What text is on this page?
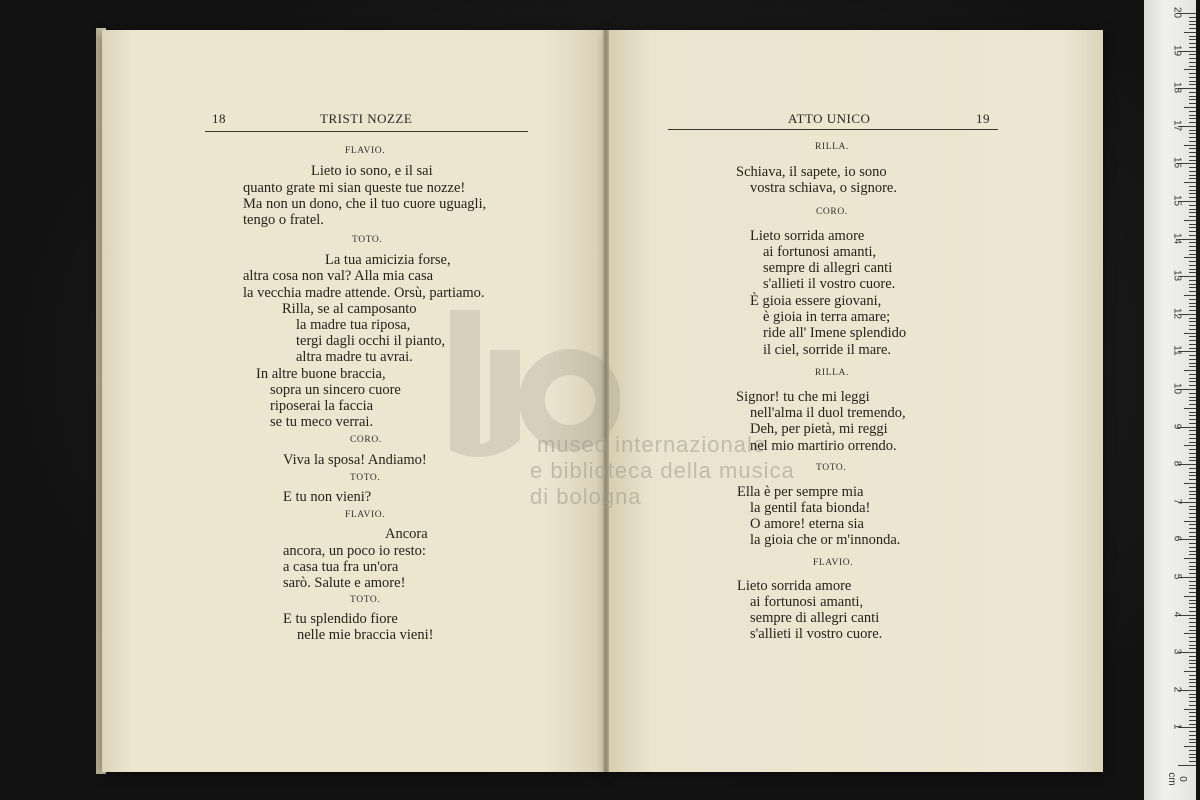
museo internazionale
e biblioteca della musica
di bologna
18	TRISTI NOZZE	ATTO UNICO	19
FLAVIO.
Lieto io sono, e il sai
quanto grate mi sian queste tue nozze!
Ma non un dono, che il tuo cuore uguagli,
tengo o fratel.
TOTO.
La tua amicizia forse,
altra cosa non val? Alla mia casa
la vecchia madre attende. Orsù, partiamo.
Rilla, se al camposanto
la madre tua riposa,
tergi dagli occhi il pianto,
altra madre tu avrai.
In altre buone braccia,
sopra un sincero cuore
riposerai la faccia
se tu meco verrai.
CORO.
Viva la sposa! Andiamo!
TOTO.
E tu non vieni?
FLAVIO.
Ancora
ancora, un poco io resto:
a casa tua fra un'ora
sarò. Salute e amore!
TOTO.
E tu splendido fiore
nelle mie braccia vieni!
RILLA.
Schiava, il sapete, io sono
vostra schiava, o signore.
CORO.
Lieto sorrida amore
ai fortunosi amanti,
sempre di allegri canti
s'allieti il vostro cuore.
È gioia essere giovani,
è gioia in terra amare;
ride all' Imene splendido
il ciel, sorride il mare.
RILLA.
Signor! tu che mi leggi
nell'alma il duol tremendo,
Deh, per pietà, mi reggi
nel mio martirio orrendo.
TOTO.
Ella è per sempre mia
la gentil fata bionda!
O amore! eterna sia
la gioia che or m'innonda.
FLAVIO.
Lieto sorrida amore
ai fortunosi amanti,
sempre di allegri canti
s'allieti il vostro cuore.
0 cm
1
2
3
4
5
6
7
8
9
10
11
12
13
14
15
16
17
18
19
20
